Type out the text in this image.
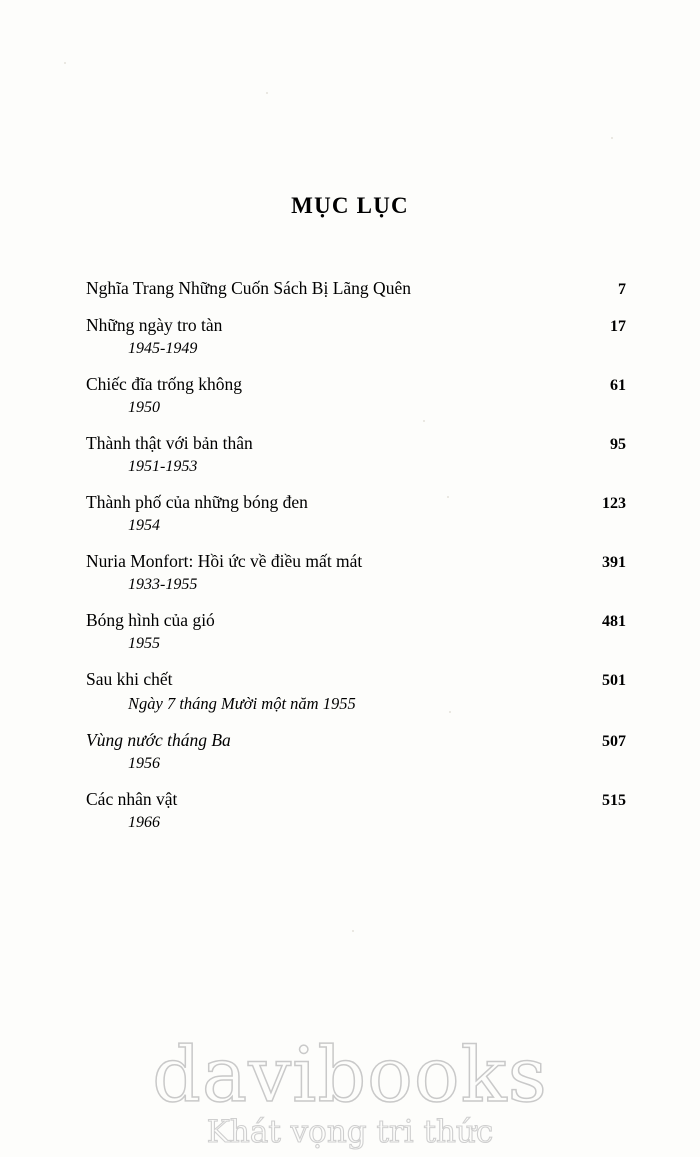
MỤC LỤC
Nghĩa Trang Những Cuốn Sách Bị Lãng Quên	7
Những ngày tro tàn	17
1945-1949
Chiếc đĩa trống không	61
1950
Thành thật với bản thân	95
1951-1953
Thành phố của những bóng đen	123
1954
Nuria Monfort: Hồi ức về điều mất mát	391
1933-1955
Bóng hình của gió	481
1955
Sau khi chết	501
Ngày 7 tháng Mười một năm 1955
Vùng nước tháng Ba	507
1956
Các nhân vật	515
1966
davibooks
Khát vọng tri thức
